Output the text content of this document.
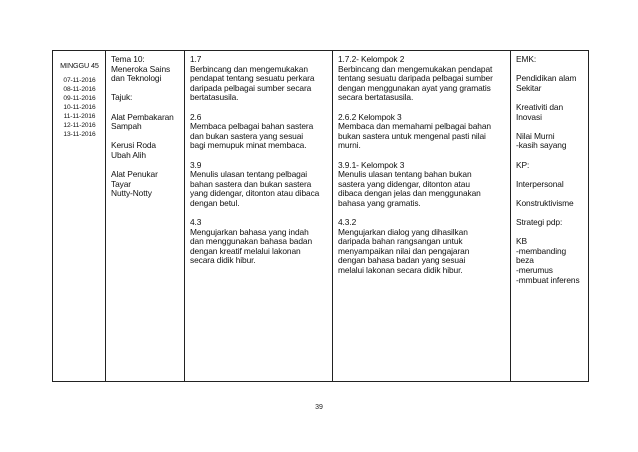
MINGGU 45
07-11-2016
08-11-2016
09-11-2016
10-11-2016
11-11-2016
12-11-2016
13-11-2016

Tema 10:
Meneroka Sains
dan Teknologi
Tajuk:
Alat Pembakaran
Sampah
Kerusi Roda
Ubah Alih
Alat Penukar
Tayar
Nutty-Notty

1.7
Berbincang dan mengemukakan
pendapat tentang sesuatu perkara
daripada pelbagai sumber secara
bertatasusila.
2.6
Membaca pelbagai bahan sastera
dan bukan sastera yang sesuai
bagi memupuk minat membaca.
3.9
Menulis ulasan tentang pelbagai
bahan sastera dan bukan sastera
yang didengar, ditonton atau dibaca
dengan betul.
4.3
Mengujarkan bahasa yang indah
dan menggunakan bahasa badan
dengan kreatif melalui lakonan
secara didik hibur.

1.7.2- Kelompok 2
Berbincang dan mengemukakan pendapat
tentang sesuatu daripada pelbagai sumber
dengan menggunakan ayat yang gramatis
secara bertatasusila.
2.6.2 Kelompok 3
Membaca dan memahami pelbagai bahan
bukan sastera untuk mengenal pasti nilai
murni.
3.9.1- Kelompok 3
Menulis ulasan tentang bahan bukan
sastera yang didengar, ditonton atau
dibaca dengan jelas dan menggunakan
bahasa yang gramatis.
4.3.2
Mengujarkan dialog yang dihasilkan
daripada bahan rangsangan untuk
menyampaikan nilai dan pengajaran
dengan bahasa badan yang sesuai
melalui lakonan secara didik hibur.

EMK:
Pendidikan alam
Sekitar
Kreativiti dan Inovasi
Nilai Murni
-kasih sayang
KP:
Interpersonal
Konstruktivisme
Strategi pdp:
KB
-membanding beza
-merumus
-mmbuat inferens
39
